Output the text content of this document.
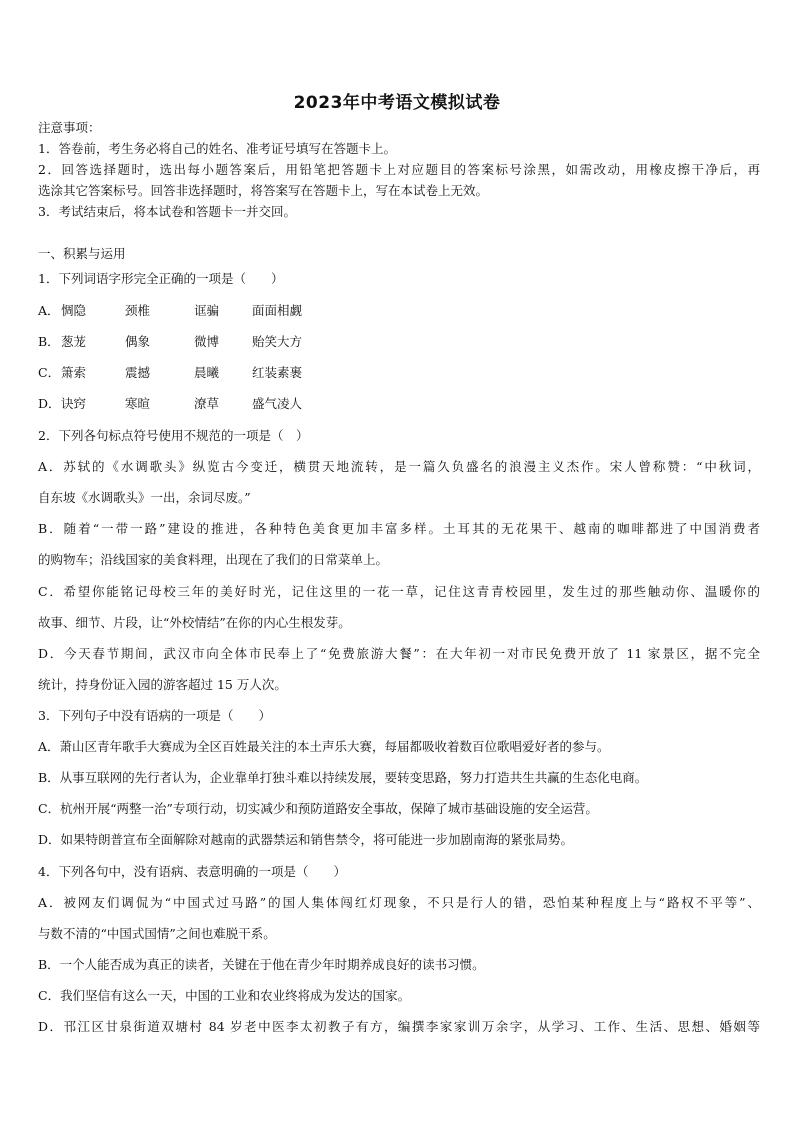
2023年中考语文模拟试卷
注意事项：
1．答卷前，考生务必将自己的姓名、准考证号填写在答题卡上。
2．回答选择题时，选出每小题答案后，用铅笔把答题卡上对应题目的答案标号涂黑，如需改动，用橡皮擦干净后，再
选涂其它答案标号。回答非选择题时，将答案写在答题卡上，写在本试卷上无效。
3．考试结束后，将本试卷和答题卡一并交回。
一、积累与运用
1．下列词语字形完全正确的一项是（　　）
A． 惆隐	颈椎	诓骗	面面相觑
B． 葱茏	偶象	微博	贻笑大方
C． 箫索	震撼	晨曦	红装素裹
D． 诀窍	寒暄	潦草	盛气凌人
2．下列各句标点符号使用不规范的一项是（　）
A．苏轼的《水调歌头》纵览古今变迁，横贯天地流转，是一篇久负盛名的浪漫主义杰作。宋人曾称赞：“中秋词，
自东坡《水调歌头》一出，余词尽废。”
B．随着“一带一路”建设的推进，各种特色美食更加丰富多样。土耳其的无花果干、越南的咖啡都进了中国消费者
的购物车；沿线国家的美食料理，出现在了我们的日常菜单上。
C．希望你能铭记母校三年的美好时光，记住这里的一花一草，记住这青青校园里，发生过的那些触动你、温暖你的
故事、细节、片段，让“外校情结”在你的内心生根发芽。
D．今天春节期间，武汉市向全体市民奉上了“免费旅游大餐”：在大年初一对市民免费开放了 11 家景区，据不完全
统计，持身份证入园的游客超过 15 万人次。
3．下列句子中没有语病的一项是（　　）
A．萧山区青年歌手大赛成为全区百姓最关注的本土声乐大赛，每届都吸收着数百位歌唱爱好者的参与。
B．从事互联网的先行者认为，企业靠单打独斗难以持续发展，要转变思路，努力打造共生共赢的生态化电商。
C．杭州开展“两整一治”专项行动，切实减少和预防道路安全事故，保障了城市基础设施的安全运营。
D．如果特朗普宣布全面解除对越南的武器禁运和销售禁令，将可能进一步加剧南海的紧张局势。
4．下列各句中，没有语病、表意明确的一项是（　　）
A．被网友们调侃为“中国式过马路”的国人集体闯红灯现象，不只是行人的错，恐怕某种程度上与“路权不平等”、
与数不清的“中国式国情”之间也难脱干系。
B．一个人能否成为真正的读者，关键在于他在青少年时期养成良好的读书习惯。
C．我们坚信有这么一天，中国的工业和农业终将成为发达的国家。
D．邗江区甘泉街道双塘村 84 岁老中医李太初教子有方，编撰李家家训万余字，从学习、工作、生活、思想、婚姻等
